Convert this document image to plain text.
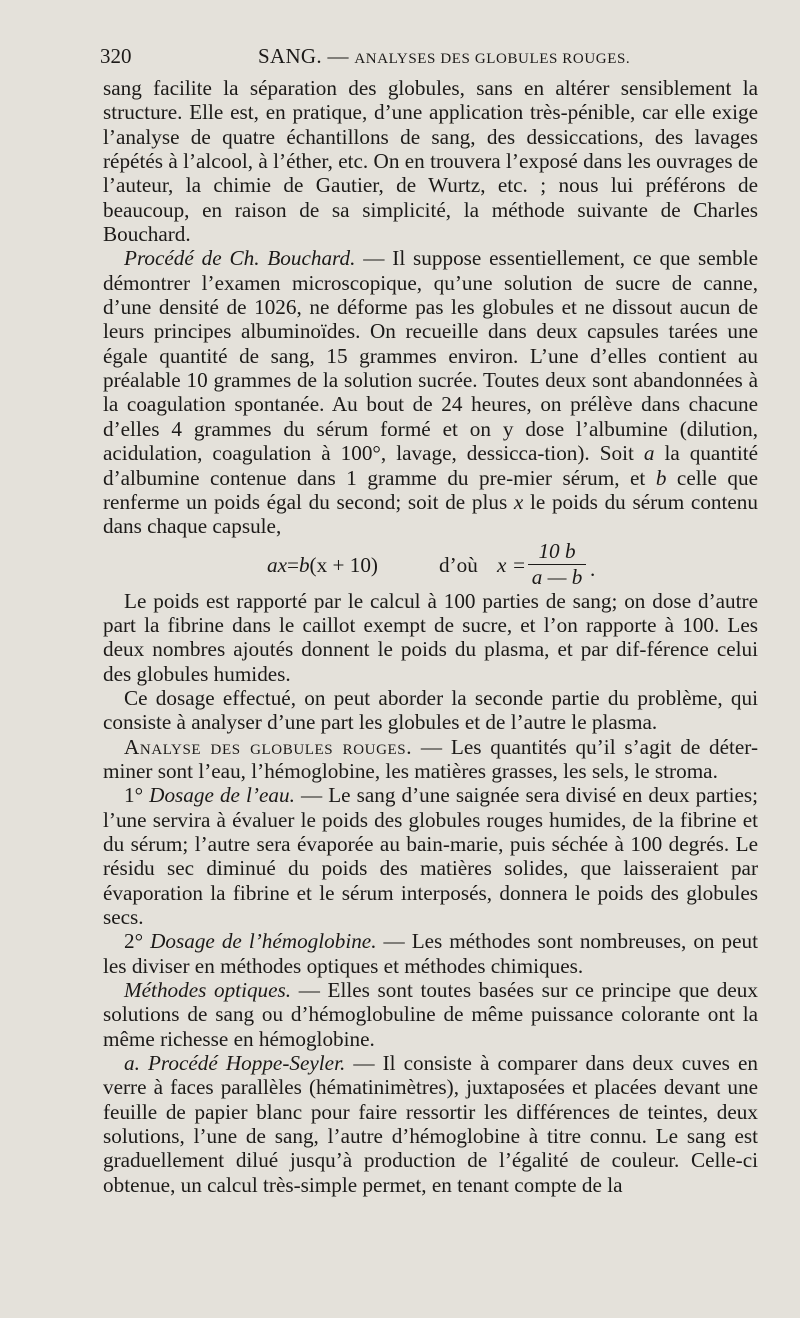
320	SANG. — ANALYSES DES GLOBULES ROUGES.

sang facilite la séparation des globules, sans en altérer sensiblement la structure. Elle est, en pratique, d’une application très-pénible, car elle exige l’analyse de quatre échantillons de sang, des dessiccations, des lavages répétés à l’alcool, à l’éther, etc. On en trouvera l’exposé dans les ouvrages de l’auteur, la chimie de Gautier, de Wurtz, etc. ; nous lui préférons de beaucoup, en raison de sa simplicité, la méthode suivante de Charles Bouchard.

Procédé de Ch. Bouchard. — Il suppose essentiellement, ce que semble démontrer l’examen microscopique, qu’une solution de sucre de canne, d’une densité de 1026, ne déforme pas les globules et ne dissout aucun de leurs principes albuminoïdes. On recueille dans deux capsules tarées une égale quantité de sang, 15 grammes environ. L’une d’elles contient au préalable 10 grammes de la solution sucrée. Toutes deux sont abandonnées à la coagulation spontanée. Au bout de 24 heures, on prélève dans chacune d’elles 4 grammes du sérum formé et on y dose l’albumine (dilution, acidulation, coagulation à 100°, lavage, dessicca-tion). Soit a la quantité d’albumine contenue dans 1 gramme du pre-mier sérum, et b celle que renferme un poids égal du second; soit de plus x le poids du sérum contenu dans chaque capsule,

ax=b(x + 10)	d’où x =
10 b
a — b .

Le poids est rapporté par le calcul à 100 parties de sang; on dose d’autre part la fibrine dans le caillot exempt de sucre, et l’on rapporte à 100. Les deux nombres ajoutés donnent le poids du plasma, et par dif-férence celui des globules humides.

Ce dosage effectué, on peut aborder la seconde partie du problème, qui consiste à analyser d’une part les globules et de l’autre le plasma.

Analyse des globules rouges. — Les quantités qu’il s’agit de déter-miner sont l’eau, l’hémoglobine, les matières grasses, les sels, le stroma.

1° Dosage de l’eau. — Le sang d’une saignée sera divisé en deux parties; l’une servira à évaluer le poids des globules rouges humides, de la fibrine et du sérum; l’autre sera évaporée au bain-marie, puis séchée à 100 degrés. Le résidu sec diminué du poids des matières solides, que laisseraient par évaporation la fibrine et le sérum interposés, donnera le poids des globules secs.

2° Dosage de l’hémoglobine. — Les méthodes sont nombreuses, on peut les diviser en méthodes optiques et méthodes chimiques.

Méthodes optiques. — Elles sont toutes basées sur ce principe que deux solutions de sang ou d’hémoglobuline de même puissance colorante ont la même richesse en hémoglobine.

a. Procédé Hoppe-Seyler. — Il consiste à comparer dans deux cuves en verre à faces parallèles (hématinimètres), juxtaposées et placées devant une feuille de papier blanc pour faire ressortir les différences de teintes, deux solutions, l’une de sang, l’autre d’hémoglobine à titre connu. Le sang est graduellement dilué jusqu’à production de l’égalité de couleur. Celle-ci obtenue, un calcul très-simple permet, en tenant compte de la
